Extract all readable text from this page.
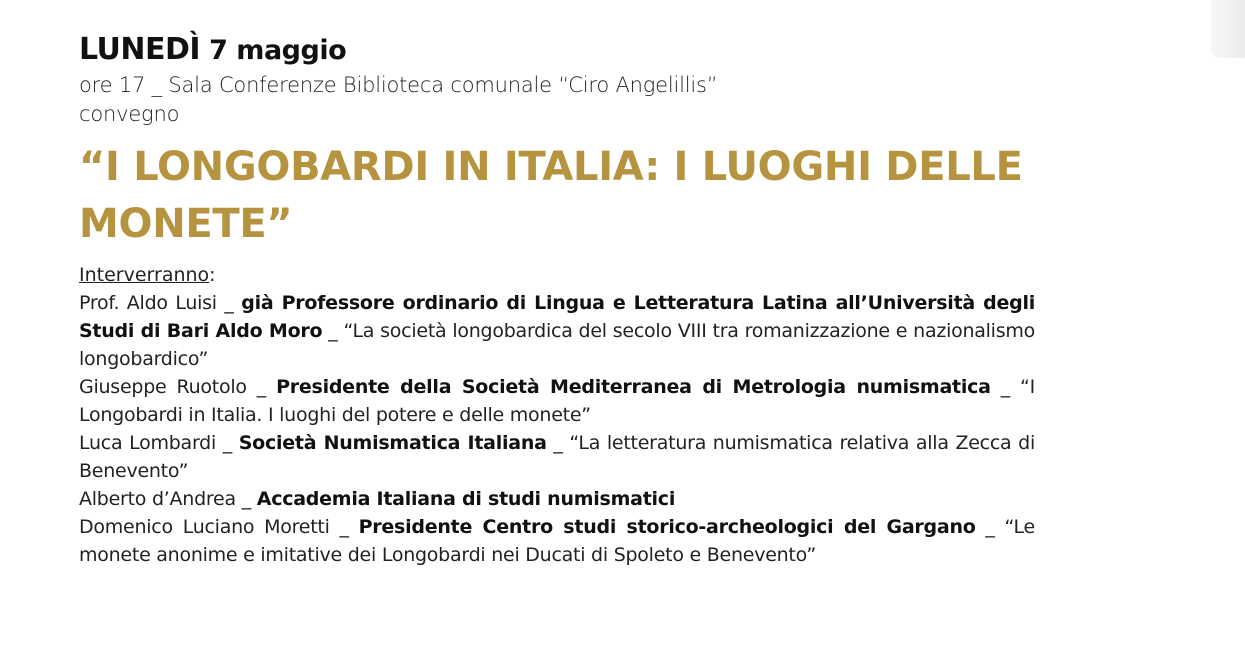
LUNEDÌ 7 maggio
ore 17 _ Sala Conferenze Biblioteca comunale “Ciro Angelillis”
convegno
“I LONGOBARDI IN ITALIA: I LUOGHI DELLE MONETE”
Interverranno:
Prof. Aldo Luisi _ già Professore ordinario di Lingua e Letteratura Latina all’Università degli Studi di Bari Aldo Moro _ “La società longobardica del secolo VIII tra romanizzazione e nazionalismo longobardico”
Giuseppe Ruotolo _ Presidente della Società Mediterranea di Metrologia numismatica _ “I Longobardi in Italia. I luoghi del potere e delle monete”
Luca Lombardi _ Società Numismatica Italiana _ “La letteratura numismatica relativa alla Zecca di Benevento”
Alberto d’Andrea _ Accademia Italiana di studi numismatici
Domenico Luciano Moretti _ Presidente Centro studi storico-archeologici del Gargano _ “Le monete anonime e imitative dei Longobardi nei Ducati di Spoleto e Benevento”
